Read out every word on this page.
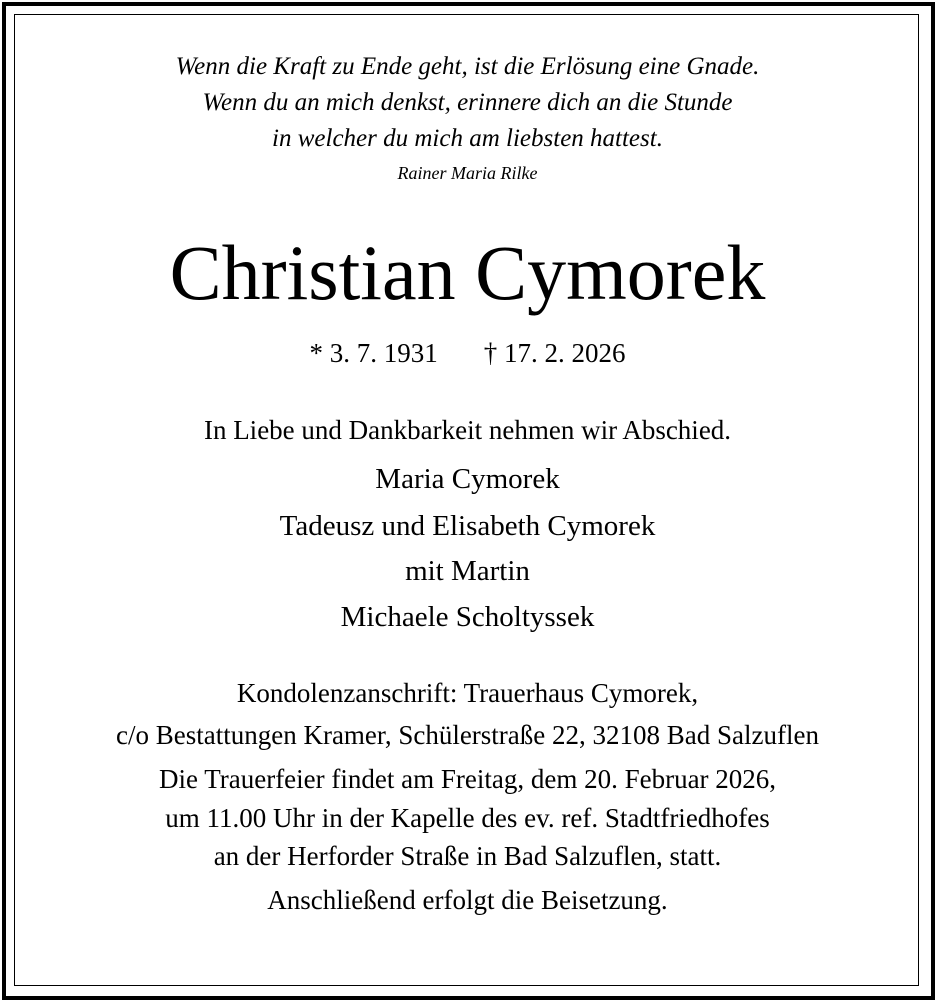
Wenn die Kraft zu Ende geht, ist die Erlösung eine Gnade.
Wenn du an mich denkst, erinnere dich an die Stunde
in welcher du mich am liebsten hattest.
Rainer Maria Rilke
Christian Cymorek
* 3. 7. 1931 † 17. 2. 2026
In Liebe und Dankbarkeit nehmen wir Abschied.
Maria Cymorek
Tadeusz und Elisabeth Cymorek
mit Martin
Michaele Scholtyssek
Kondolenzanschrift: Trauerhaus Cymorek,
c/o Bestattungen Kramer, Schülerstraße 22, 32108 Bad Salzuflen
Die Trauerfeier findet am Freitag, dem 20. Februar 2026,
um 11.00 Uhr in der Kapelle des ev. ref. Stadtfriedhofes
an der Herforder Straße in Bad Salzuflen, statt.
Anschließend erfolgt die Beisetzung.
